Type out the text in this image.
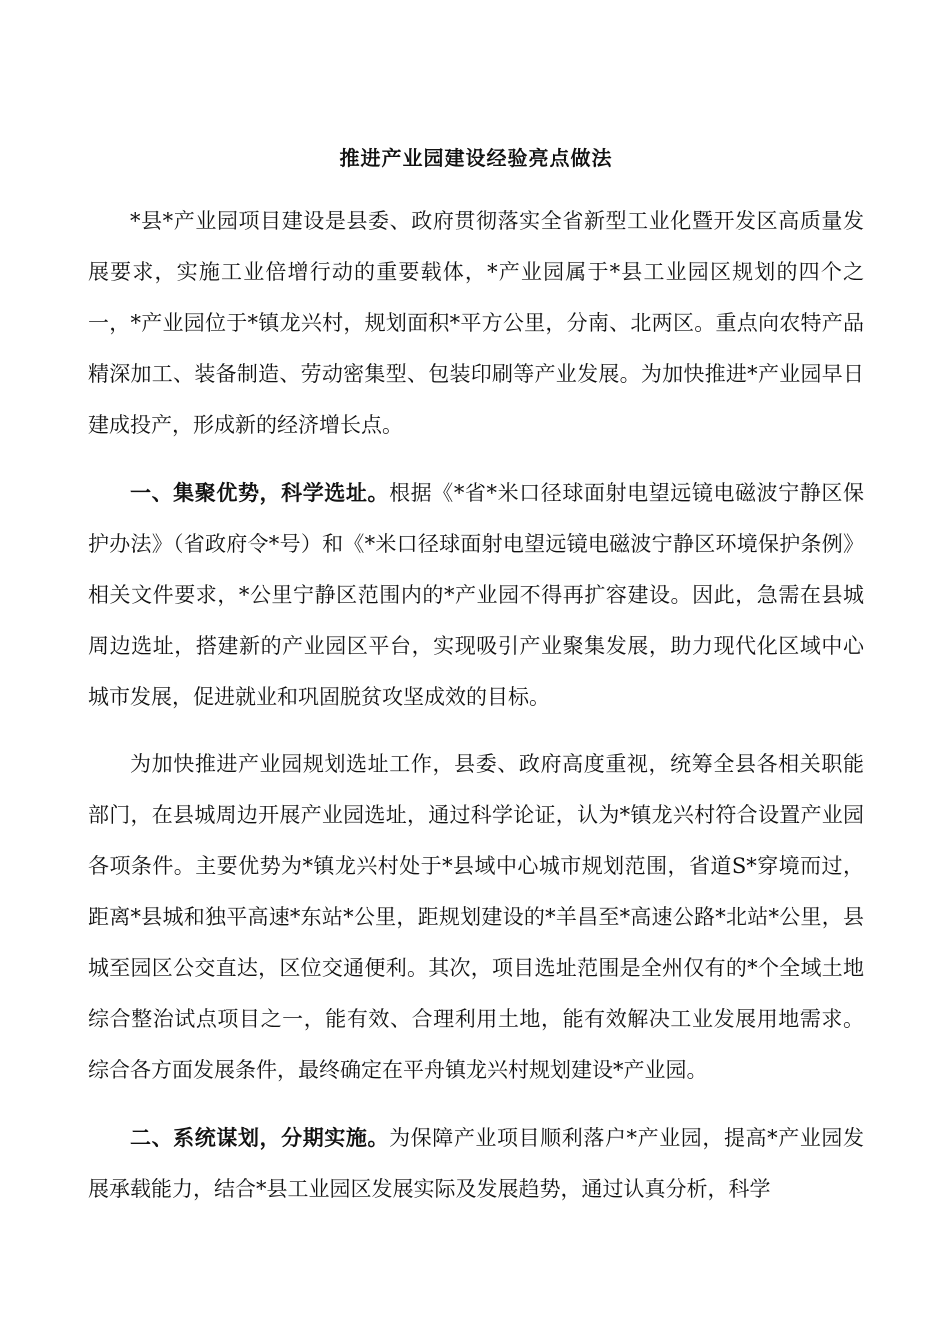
推进产业园建设经验亮点做法

*县*产业园项目建设是县委、政府贯彻落实全省新型工业化暨开发区高质量发展要求，实施工业倍增行动的重要载体，*产业园属于*县工业园区规划的四个之一，*产业园位于*镇龙兴村，规划面积*平方公里，分南、北两区。重点向农特产品精深加工、装备制造、劳动密集型、包装印刷等产业发展。为加快推进*产业园早日建成投产，形成新的经济增长点。

一、集聚优势，科学选址。根据《*省*米口径球面射电望远镜电磁波宁静区保护办法》（省政府令*号）和《*米口径球面射电望远镜电磁波宁静区环境保护条例》相关文件要求，*公里宁静区范围内的*产业园不得再扩容建设。因此，急需在县城周边选址，搭建新的产业园区平台，实现吸引产业聚集发展，助力现代化区域中心城市发展，促进就业和巩固脱贫攻坚成效的目标。

为加快推进产业园规划选址工作，县委、政府高度重视，统筹全县各相关职能部门，在县城周边开展产业园选址，通过科学论证，认为*镇龙兴村符合设置产业园各项条件。主要优势为*镇龙兴村处于*县域中心城市规划范围，省道S*穿境而过，距离*县城和独平高速*东站*公里，距规划建设的*羊昌至*高速公路*北站*公里，县城至园区公交直达，区位交通便利。其次，项目选址范围是全州仅有的*个全域土地综合整治试点项目之一，能有效、合理利用土地，能有效解决工业发展用地需求。综合各方面发展条件，最终确定在平舟镇龙兴村规划建设*产业园。

二、系统谋划，分期实施。为保障产业项目顺利落户*产业园，提高*产业园发展承载能力，结合*县工业园区发展实际及发展趋势，通过认真分析，科学
